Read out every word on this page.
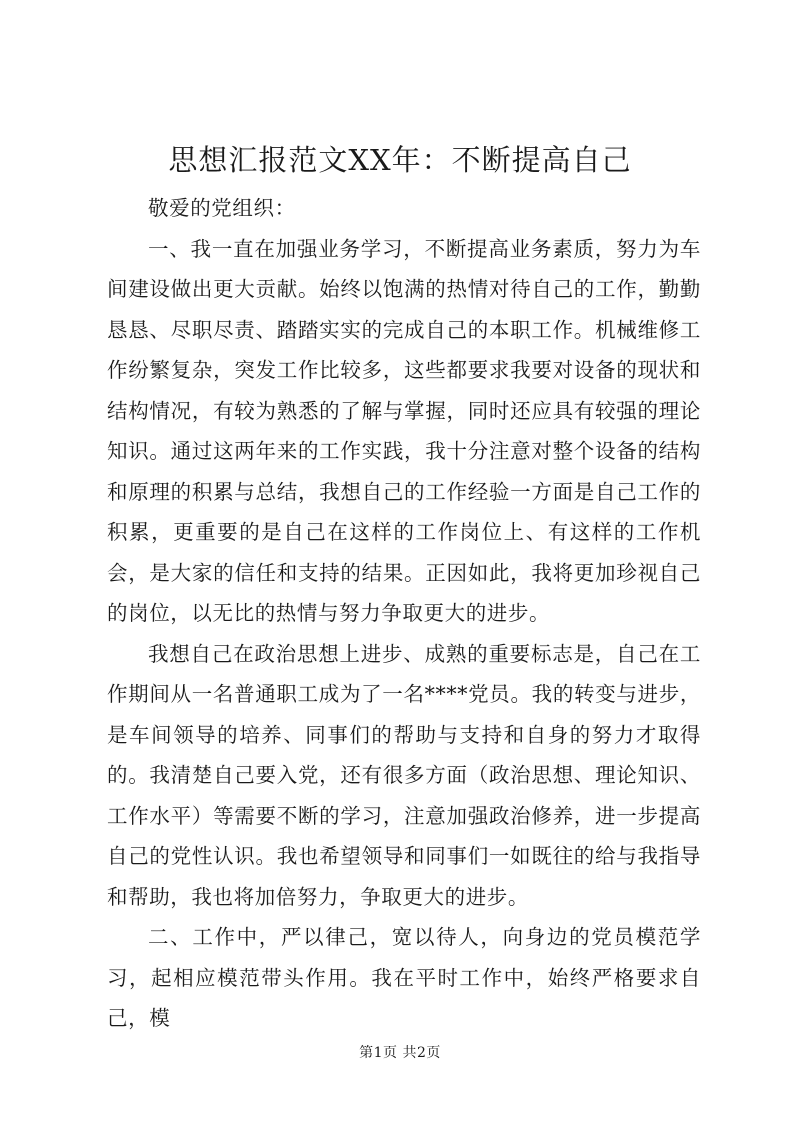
思想汇报范文XX年：不断提高自己

敬爱的党组织：

一、我一直在加强业务学习，不断提高业务素质，努力为车间建设做出更大贡献。始终以饱满的热情对待自己的工作，勤勤恳恳、尽职尽责、踏踏实实的完成自己的本职工作。机械维修工作纷繁复杂，突发工作比较多，这些都要求我要对设备的现状和结构情况，有较为熟悉的了解与掌握，同时还应具有较强的理论知识。通过这两年来的工作实践，我十分注意对整个设备的结构和原理的积累与总结，我想自己的工作经验一方面是自己工作的积累，更重要的是自己在这样的工作岗位上、有这样的工作机会，是大家的信任和支持的结果。正因如此，我将更加珍视自己的岗位，以无比的热情与努力争取更大的进步。

我想自己在政治思想上进步、成熟的重要标志是，自己在工作期间从一名普通职工成为了一名****党员。我的转变与进步，是车间领导的培养、同事们的帮助与支持和自身的努力才取得的。我清楚自己要入党，还有很多方面（政治思想、理论知识、工作水平）等需要不断的学习，注意加强政治修养，进一步提高自己的党性认识。我也希望领导和同事们一如既往的给与我指导和帮助，我也将加倍努力，争取更大的进步。

二、工作中，严以律己，宽以待人，向身边的党员模范学习，起相应模范带头作用。我在平时工作中，始终严格要求自己，模

第1页 共2页
